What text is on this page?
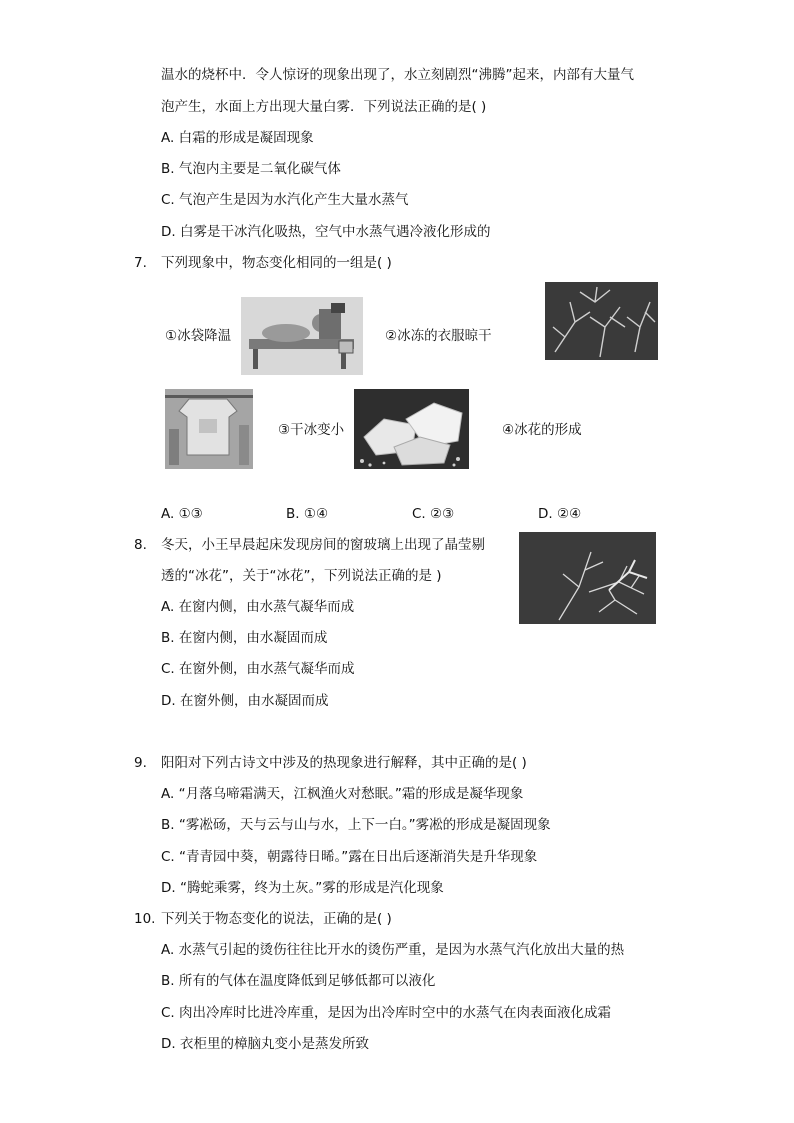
温水的烧杯中．令人惊讶的现象出现了，水立刻剧烈“沸腾”起来，内部有大量气
泡产生，水面上方出现大量白雾．下列说法正确的是( )
A. 白霜的形成是凝固现象
B. 气泡内主要是二氧化碳气体
C. 气泡产生是因为水汽化产生大量水蒸气
D. 白雾是干冰汽化吸热，空气中水蒸气遇冷液化形成的
7. 下列现象中，物态变化相同的一组是( )
①冰袋降温	②冰冻的衣服晾干
③干冰变小	④冰花的形成
A. ①③	B. ①④	C. ②③	D. ②④
8. 冬天，小王早晨起床发现房间的窗玻璃上出现了晶莹剔
透的“冰花”，关于“冰花”，下列说法正确的是 )
A. 在窗内侧，由水蒸气凝华而成
B. 在窗内侧，由水凝固而成
C. 在窗外侧，由水蒸气凝华而成
D. 在窗外侧，由水凝固而成
9. 阳阳对下列古诗文中涉及的热现象进行解释，其中正确的是( )
A. “月落乌啼霜满天，江枫渔火对愁眠。”霜的形成是凝华现象
B. “雾凇砀，天与云与山与水，上下一白。”雾凇的形成是凝固现象
C. “青青园中葵，朝露待日晞。”露在日出后逐渐消失是升华现象
D. “腾蛇乘雾，终为土灰。”雾的形成是汽化现象
10. 下列关于物态变化的说法，正确的是( )
A. 水蒸气引起的烫伤往往比开水的烫伤严重，是因为水蒸气汽化放出大量的热
B. 所有的气体在温度降低到足够低都可以液化
C. 肉出冷库时比进冷库重，是因为出冷库时空中的水蒸气在肉表面液化成霜
D. 衣柜里的樟脑丸变小是蒸发所致
